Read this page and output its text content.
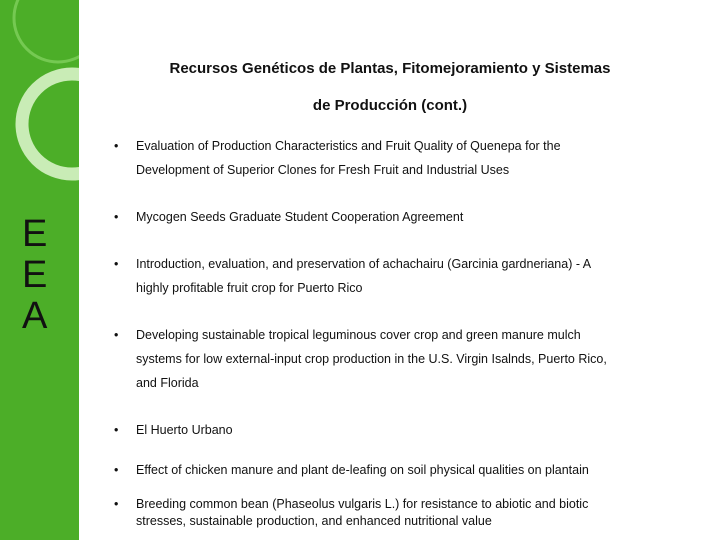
E
E
A
Recursos Genéticos de Plantas, Fitomejoramiento y Sistemas
de Producción (cont.)
•	Evaluation of Production Characteristics and Fruit Quality of Quenepa for the
Development of Superior Clones for Fresh Fruit and Industrial Uses
•	Mycogen Seeds Graduate Student Cooperation Agreement
•	Introduction, evaluation, and preservation of achachairu (Garcinia gardneriana) - A
highly profitable fruit crop for Puerto Rico
•	Developing sustainable tropical leguminous cover crop and green manure mulch
systems for low external-input crop production in the U.S. Virgin Isalnds, Puerto Rico,
and Florida
•	El Huerto Urbano
•	Effect of chicken manure and plant de-leafing on soil physical qualities on plantain
•	Breeding common bean (Phaseolus vulgaris L.) for resistance to abiotic and biotic
stresses, sustainable production, and enhanced nutritional value
